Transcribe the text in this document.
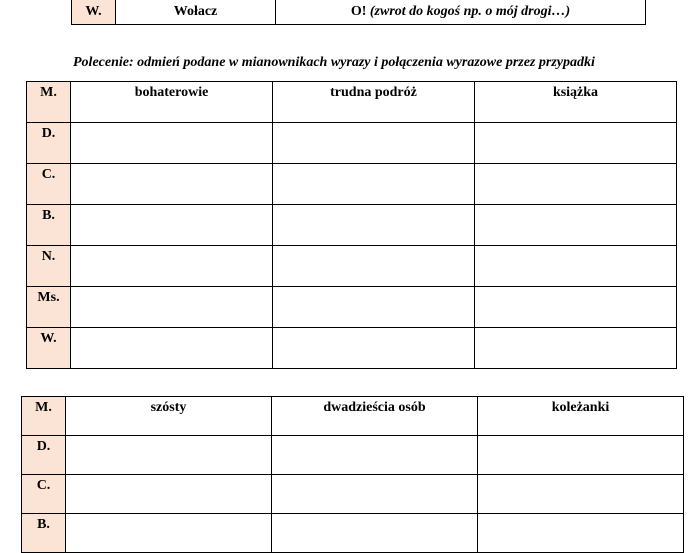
W.	Wołacz	O! (zwrot do kogoś np. o mój drogi…)
Polecenie: odmień podane w mianownikach wyrazy i połączenia wyrazowe przez przypadki
M.	bohaterowie	trudna podróż	książka

D.			

C.			

B.			

N.			

Ms.			

W.			

M.	szósty	dwadzieścia osób	koleżanki

D.			

C.			

B.			
